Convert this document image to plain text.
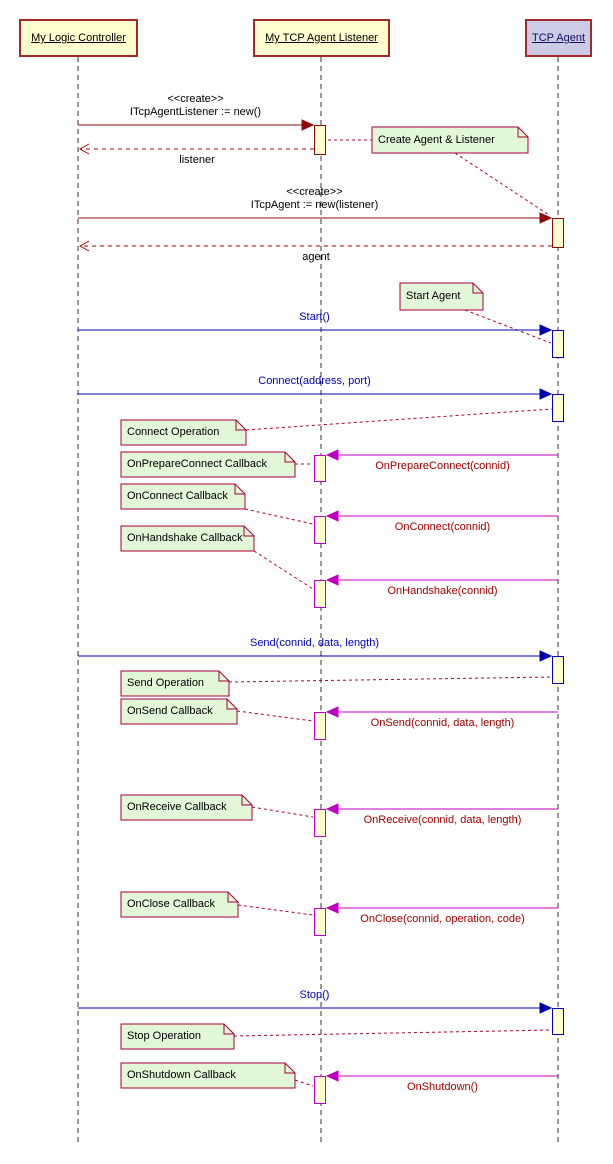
Create Agent & Listener
Start Agent
Connect Operation
OnPrepareConnect Callback
OnConnect Callback
OnHandshake Callback
Send Operation
OnSend Callback
OnReceive Callback
OnClose Callback
Stop Operation
OnShutdown Callback
<<create>>
ITcpAgentListener := new()
listener
<<create>>
ITcpAgent := new(listener)
agent
Start()
Connect(address, port)
OnPrepareConnect(connid)
OnConnect(connid)
OnHandshake(connid)
Send(connid, data, length)
OnSend(connid, data, length)
OnReceive(connid, data, length)
OnClose(connid, operation, code)
Stop()
OnShutdown()
My Logic Controller	My TCP Agent Listener	TCP Agent
